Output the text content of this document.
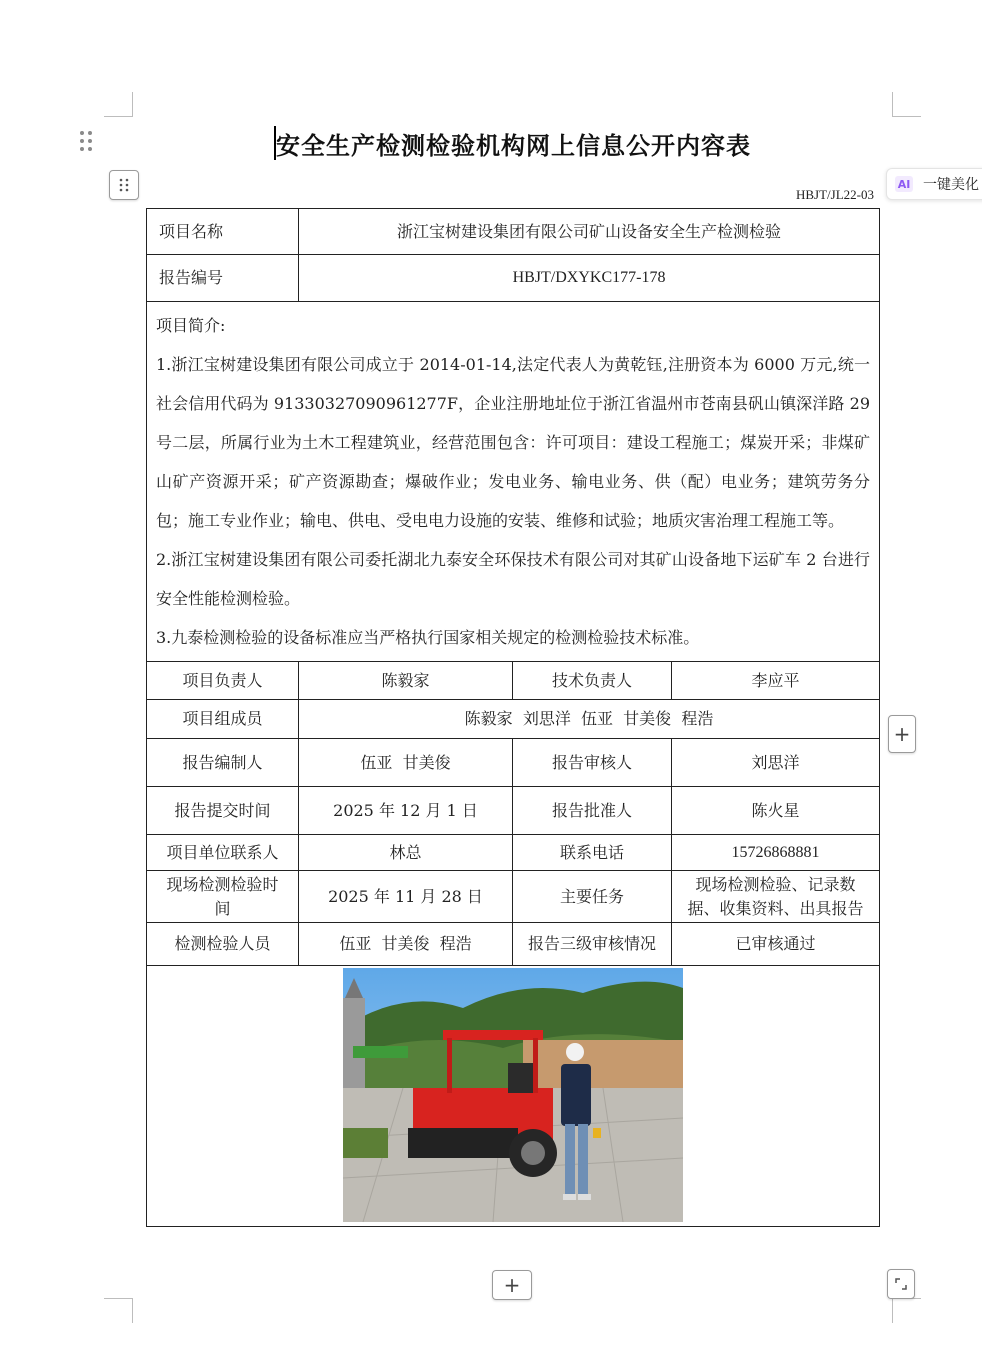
安全生产检测检验机构网上信息公开内容表
AI 一键美化
HBJT/JL22-03
项目名称	浙江宝树建设集团有限公司矿山设备安全生产检测检验		
报告编号	HBJT/DXYKC177-178		

项目简介:

1.浙江宝树建设集团有限公司成立于 2014-01-14,法定代表人为黄乾钰,注册资本为 6000 万元,统一社会信用代码为 91330327090961277F，企业注册地址位于浙江省温州市苍南县矾山镇深洋路 29 号二层，所属行业为土木工程建筑业，经营范围包含：许可项目：建设工程施工；煤炭开采；非煤矿山矿产资源开采；矿产资源勘查；爆破作业；发电业务、输电业务、供（配）电业务；建筑劳务分包；施工专业作业；输电、供电、受电电力设施的安装、维修和试验；地质灾害治理工程施工等。

2.浙江宝树建设集团有限公司委托湖北九泰安全环保技术有限公司对其矿山设备地下运矿车 2 台进行安全性能检测检验。

3.九泰检测检验的设备标准应当严格执行国家相关规定的检测检验技术标准。			

项目负责人	陈毅家	技术负责人	李应平
项目组成员	陈毅家  刘思洋  伍亚  甘美俊  程浩		
报告编制人	伍亚  甘美俊	报告审核人	刘思洋
报告提交时间	2025 年 12 月 1 日	报告批准人	陈火星
项目单位联系人	林总	联系电话	15726868881
现场检测检验时间	2025 年 11 月 28 日	主要任务	现场检测检验、记录数据、收集资料、出具报告
检测检验人员	伍亚  甘美俊  程浩	报告三级审核情况	已审核通过

+
+
